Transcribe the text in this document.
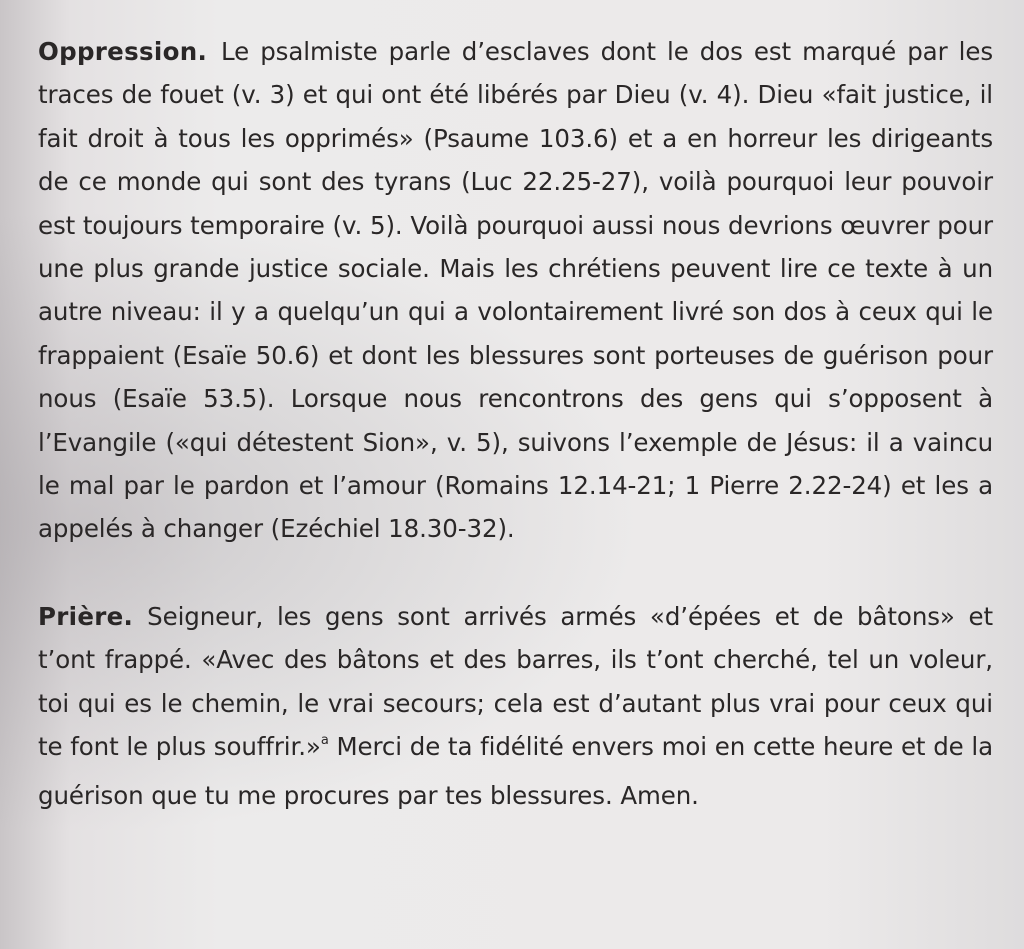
Oppression. Le psalmiste parle d’esclaves dont le dos est marqué par les traces de fouet (v. 3) et qui ont été libérés par Dieu (v. 4). Dieu «fait justice, il fait droit à tous les opprimés» (Psaume 103.6) et a en horreur les dirigeants de ce monde qui sont des tyrans (Luc 22.25-27), voilà pourquoi leur pouvoir est toujours temporaire (v. 5). Voilà pourquoi aussi nous devrions œuvrer pour une plus grande justice sociale. Mais les chrétiens peuvent lire ce texte à un autre niveau: il y a quelqu’un qui a volontairement livré son dos à ceux qui le frappaient (Esaïe 50.6) et dont les blessures sont porteuses de guérison pour nous (Esaïe 53.5). Lorsque nous rencontrons des gens qui s’opposent à l’Evangile («qui détestent Sion», v. 5), suivons l’exemple de Jésus: il a vaincu le mal par le pardon et l’amour (Romains 12.14-21; 1 Pierre 2.22-24) et les a appelés à changer (Ezéchiel 18.30-32).

Prière. Seigneur, les gens sont arrivés armés «d’épées et de bâtons» et t’ont frappé. «Avec des bâtons et des barres, ils t’ont cherché, tel un voleur, toi qui es le chemin, le vrai secours; cela est d’autant plus vrai pour ceux qui te font le plus souffrir.»$^a$ Merci de ta fidélité envers moi en cette heure et de la guérison que tu me procures par tes blessures. Amen.
